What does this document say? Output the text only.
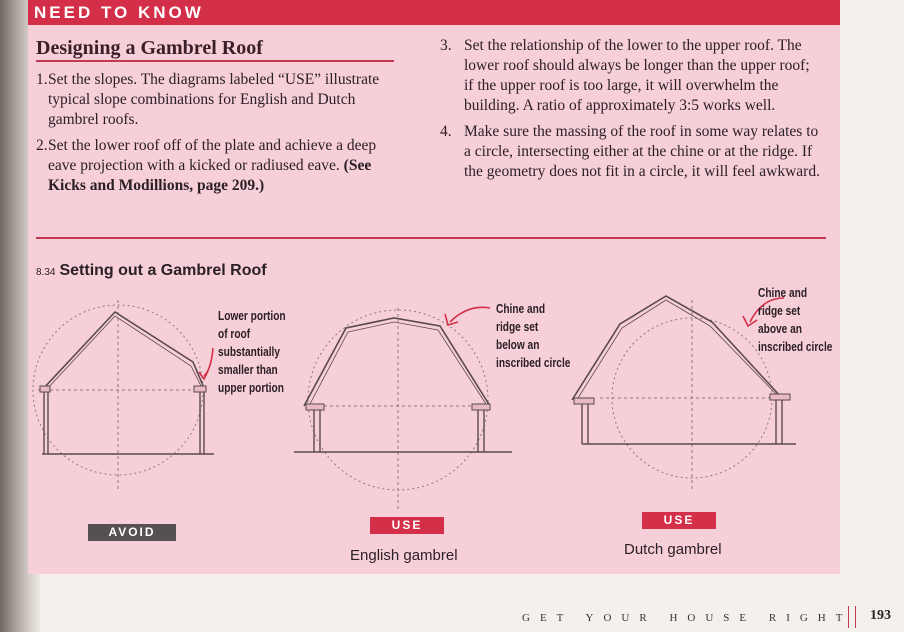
NEED TO KNOW
Designing a Gambrel Roof
1. Set the slopes. The diagrams labeled “USE” illustrate typical slope combinations for English and Dutch gambrel roofs.
2. Set the lower roof off of the plate and achieve a deep eave projection with a kicked or radiused eave. (See Kicks and Modillions, page 209.)
3. Set the relationship of the lower to the upper roof. The lower roof should always be longer than the upper roof; if the upper roof is too large, it will overwhelm the building. A ratio of approximately 3:5 works well.
4. Make sure the massing of the roof in some way relates to a circle, intersecting either at the chine or at the ridge. If the geometry does not fit in a circle, it will feel awkward.
8.34 Setting out a Gambrel Roof
Lower portion
of roof
substantially
smaller than
upper portion
Chine and
ridge set
below an
inscribed circle
Chine and
ridge set
above an
inscribed circle
AVOID	USE	USE
English gambrel	Dutch gambrel
GET YOUR HOUSE RIGHT 193
